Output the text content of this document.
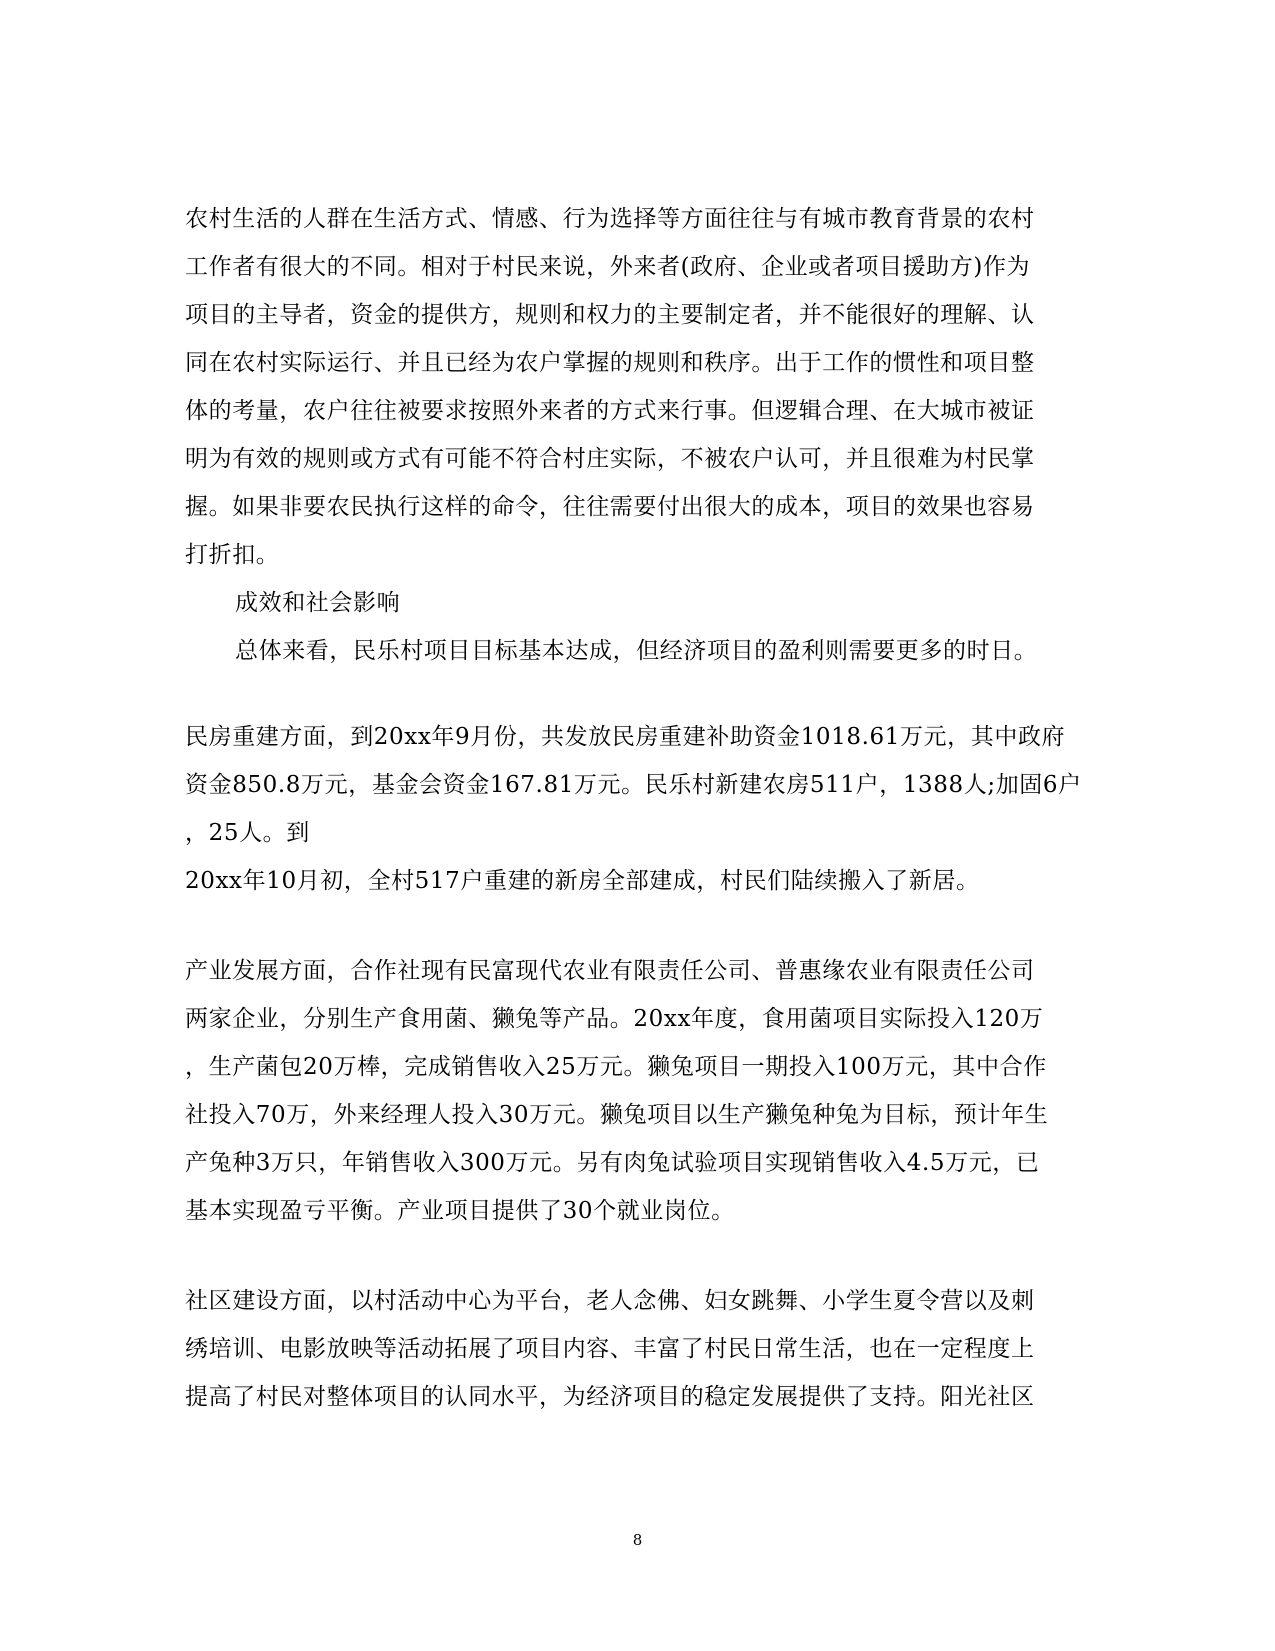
农村生活的人群在生活方式、情感、行为选择等方面往往与有城市教育背景的农村
工作者有很大的不同。相对于村民来说，外来者(政府、企业或者项目援助方)作为
项目的主导者，资金的提供方，规则和权力的主要制定者，并不能很好的理解、认
同在农村实际运行、并且已经为农户掌握的规则和秩序。出于工作的惯性和项目整
体的考量，农户往往被要求按照外来者的方式来行事。但逻辑合理、在大城市被证
明为有效的规则或方式有可能不符合村庄实际，不被农户认可，并且很难为村民掌
握。如果非要农民执行这样的命令，往往需要付出很大的成本，项目的效果也容易
打折扣。
成效和社会影响
总体来看，民乐村项目目标基本达成，但经济项目的盈利则需要更多的时日。
民房重建方面，到20xx年9月份，共发放民房重建补助资金1018.61万元，其中政府
资金850.8万元，基金会资金167.81万元。民乐村新建农房511户，1388人;加固6户
，25人。到
20xx年10月初，全村517户重建的新房全部建成，村民们陆续搬入了新居。
产业发展方面，合作社现有民富现代农业有限责任公司、普惠缘农业有限责任公司
两家企业，分别生产食用菌、獭兔等产品。20xx年度，食用菌项目实际投入120万
，生产菌包20万棒，完成销售收入25万元。獭兔项目一期投入100万元，其中合作
社投入70万，外来经理人投入30万元。獭兔项目以生产獭兔种兔为目标，预计年生
产兔种3万只，年销售收入300万元。另有肉兔试验项目实现销售收入4.5万元，已
基本实现盈亏平衡。产业项目提供了30个就业岗位。
社区建设方面，以村活动中心为平台，老人念佛、妇女跳舞、小学生夏令营以及刺
绣培训、电影放映等活动拓展了项目内容、丰富了村民日常生活，也在一定程度上
提高了村民对整体项目的认同水平，为经济项目的稳定发展提供了支持。阳光社区
8
